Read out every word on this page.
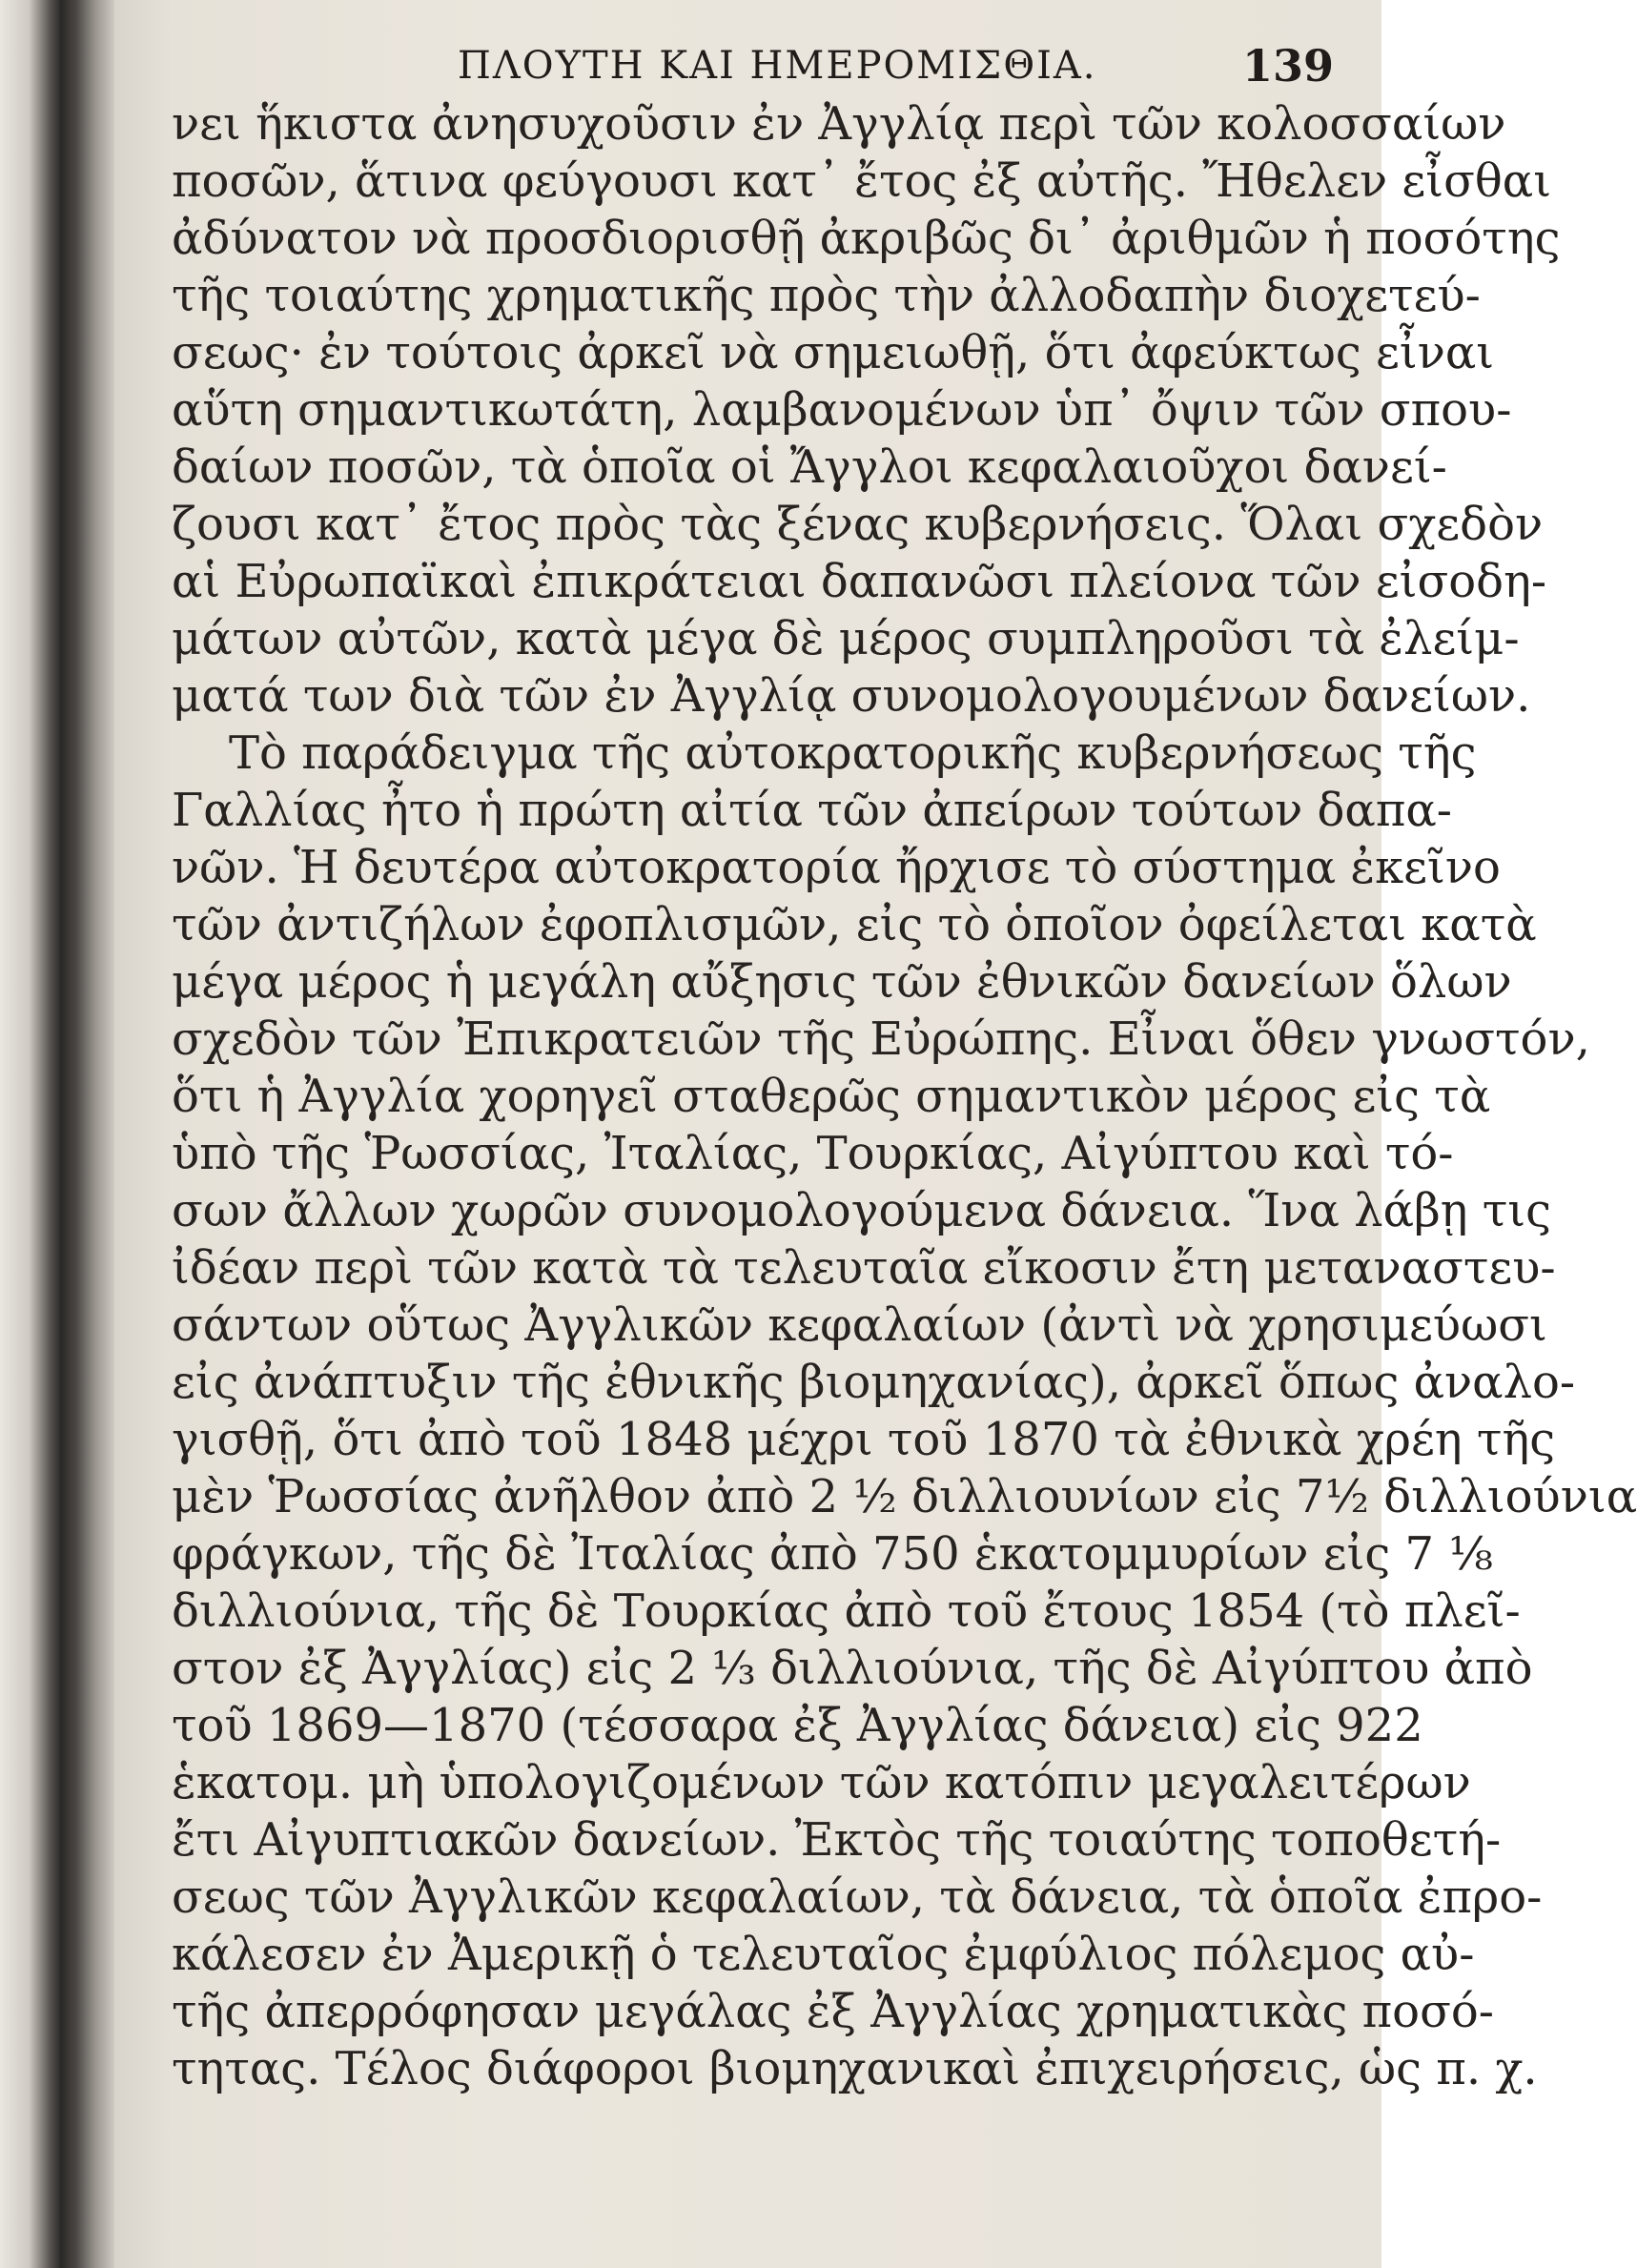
ΠΛΟΥΤΗ ΚΑΙ ΗΜΕΡΟΜΙΣΘΙΑ.	139
νει ἥκιστα ἀνησυχοῦσιν ἐν Ἀγγλίᾳ περὶ τῶν κολοσσαίων
ποσῶν, ἅτινα φεύγουσι κατ᾽ ἔτος ἐξ αὐτῆς. Ἤθελεν εἶσθαι
ἀδύνατον νὰ προσδιορισθῇ ἀκριβῶς δι᾽ ἀριθμῶν ἡ ποσότης
τῆς τοιαύτης χρηματικῆς πρὸς τὴν ἀλλοδαπὴν διοχετεύ-
σεως· ἐν τούτοις ἀρκεῖ νὰ σημειωθῇ, ὅτι ἀφεύκτως εἶναι
αὕτη σημαντικωτάτη, λαμβανομένων ὑπ᾽ ὄψιν τῶν σπου-
δαίων ποσῶν, τὰ ὁποῖα οἱ Ἄγγλοι κεφαλαιοῦχοι δανεί-
ζουσι κατ᾽ ἔτος πρὸς τὰς ξένας κυβερνήσεις. Ὅλαι σχεδὸν
αἱ Εὐρωπαϊκαὶ ἐπικράτειαι δαπανῶσι πλείονα τῶν εἰσοδη-
μάτων αὐτῶν, κατὰ μέγα δὲ μέρος συμπληροῦσι τὰ ἐλείμ-
ματά των διὰ τῶν ἐν Ἀγγλίᾳ συνομολογουμένων δανείων.
Τὸ παράδειγμα τῆς αὐτοκρατορικῆς κυβερνήσεως τῆς
Γαλλίας ἦτο ἡ πρώτη αἰτία τῶν ἀπείρων τούτων δαπα-
νῶν. Ἡ δευτέρα αὐτοκρατορία ἤρχισε τὸ σύστημα ἐκεῖνο
τῶν ἀντιζήλων ἐφοπλισμῶν, εἰς τὸ ὁποῖον ὀφείλεται κατὰ
μέγα μέρος ἡ μεγάλη αὔξησις τῶν ἐθνικῶν δανείων ὅλων
σχεδὸν τῶν Ἐπικρατειῶν τῆς Εὐρώπης. Εἶναι ὅθεν γνωστόν,
ὅτι ἡ Ἀγγλία χορηγεῖ σταθερῶς σημαντικὸν μέρος εἰς τὰ
ὑπὸ τῆς Ῥωσσίας, Ἰταλίας, Τουρκίας, Αἰγύπτου καὶ τό-
σων ἄλλων χωρῶν συνομολογούμενα δάνεια. Ἵνα λάβῃ τις
ἰδέαν περὶ τῶν κατὰ τὰ τελευταῖα εἴκοσιν ἔτη μεταναστευ-
σάντων οὕτως Ἀγγλικῶν κεφαλαίων (ἀντὶ νὰ χρησιμεύωσι
εἰς ἀνάπτυξιν τῆς ἐθνικῆς βιομηχανίας), ἀρκεῖ ὅπως ἀναλο-
γισθῇ, ὅτι ἀπὸ τοῦ 1848 μέχρι τοῦ 1870 τὰ ἐθνικὰ χρέη τῆς
μὲν Ῥωσσίας ἀνῆλθον ἀπὸ 2 ½ διλλιουνίων εἰς 7½ διλλιούνια
φράγκων, τῆς δὲ Ἰταλίας ἀπὸ 750 ἑκατομμυρίων εἰς 7 ⅛
διλλιούνια, τῆς δὲ Τουρκίας ἀπὸ τοῦ ἔτους 1854 (τὸ πλεῖ-
στον ἐξ Ἀγγλίας) εἰς 2 ⅓ διλλιούνια, τῆς δὲ Αἰγύπτου ἀπὸ
τοῦ 1869—1870 (τέσσαρα ἐξ Ἀγγλίας δάνεια) εἰς 922
ἑκατομ. μὴ ὑπολογιζομένων τῶν κατόπιν μεγαλειτέρων
ἔτι Αἰγυπτιακῶν δανείων. Ἐκτὸς τῆς τοιαύτης τοποθετή-
σεως τῶν Ἀγγλικῶν κεφαλαίων, τὰ δάνεια, τὰ ὁποῖα ἐπρο-
κάλεσεν ἐν Ἀμερικῇ ὁ τελευταῖος ἐμφύλιος πόλεμος αὐ-
τῆς ἀπερρόφησαν μεγάλας ἐξ Ἀγγλίας χρηματικὰς ποσό-
τητας. Τέλος διάφοροι βιομηχανικαὶ ἐπιχειρήσεις, ὡς π. χ.
